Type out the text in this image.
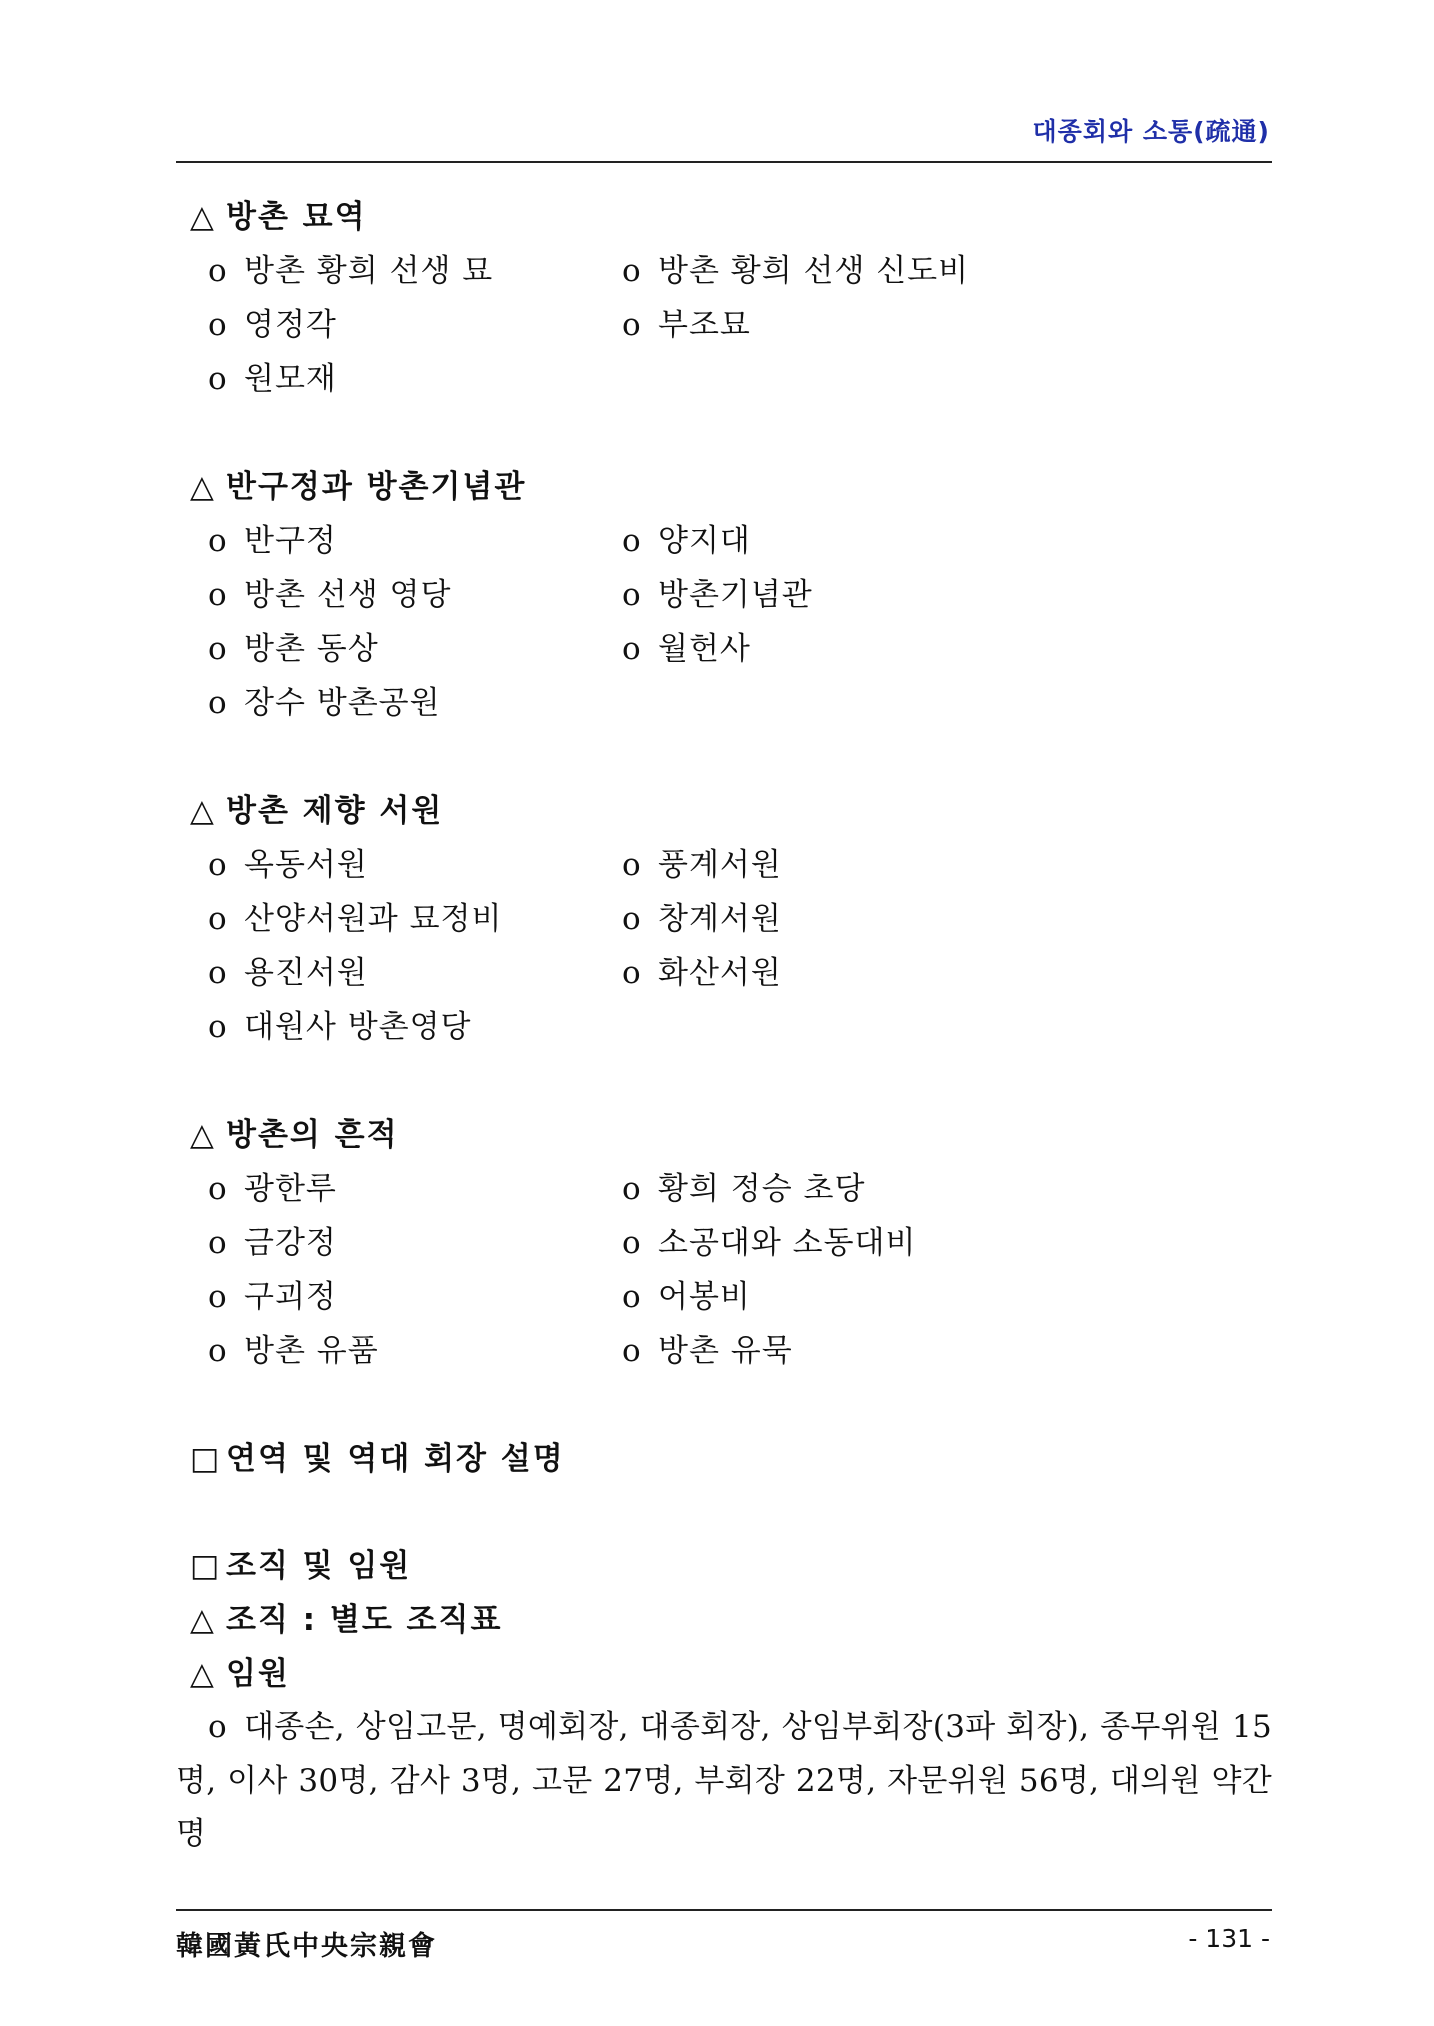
대종회와 소통(疏通)
△ 방촌 묘역
o 방촌 황희 선생 묘	o 방촌 황희 선생 신도비
o 영정각	o 부조묘
o 원모재
△ 반구정과 방촌기념관
o 반구정	o 양지대
o 방촌 선생 영당	o 방촌기념관
o 방촌 동상	o 월헌사
o 장수 방촌공원
△ 방촌 제향 서원
o 옥동서원	o 풍계서원
o 산양서원과 묘정비	o 창계서원
o 용진서원	o 화산서원
o 대원사 방촌영당
△ 방촌의 흔적
o 광한루	o 황희 정승 초당
o 금강정	o 소공대와 소동대비
o 구괴정	o 어봉비
o 방촌 유품	o 방촌 유묵
□ 연역 및 역대 회장 설명
□ 조직 및 임원
△ 조직 : 별도 조직표
△ 임원

o 대종손, 상임고문, 명예회장, 대종회장, 상임부회장(3파 회장), 종무위원 15명, 이사 30명, 감사 3명, 고문 27명, 부회장 22명, 자문위원 56명, 대의원 약간 명

韓國黃氏中央宗親會	- 131 -
